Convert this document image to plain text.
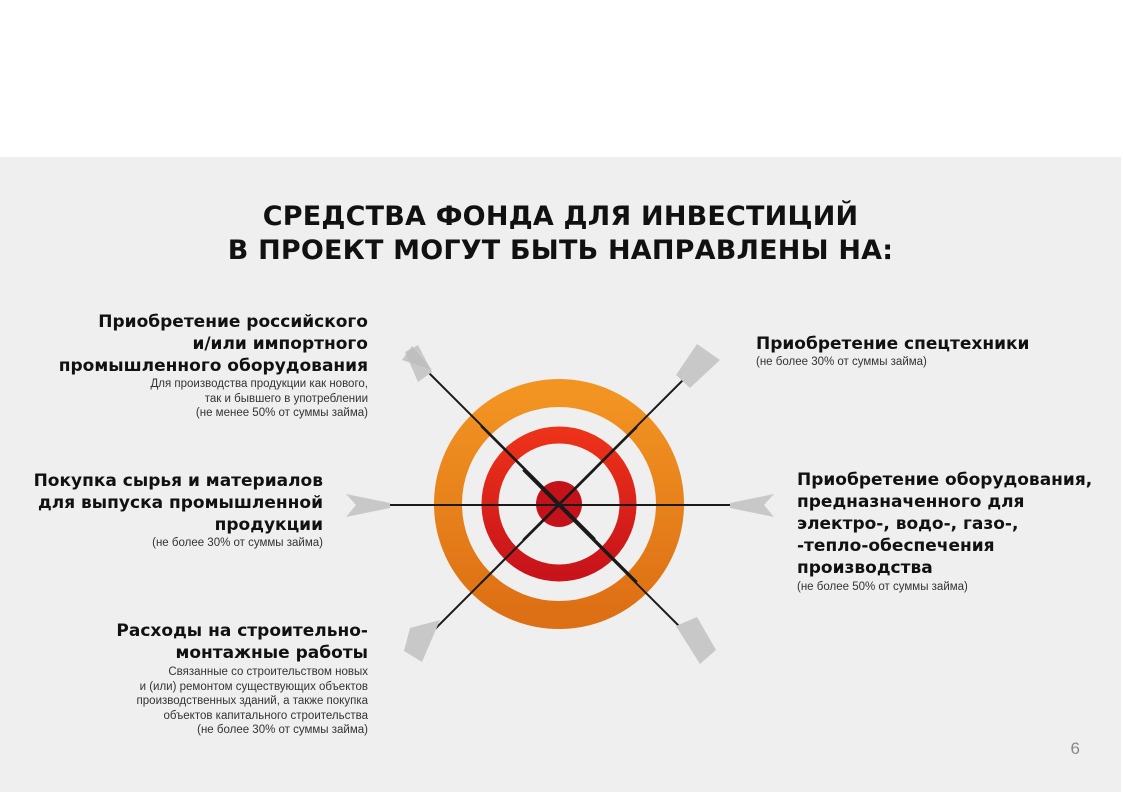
СРЕДСТВА ФОНДА ДЛЯ ИНВЕСТИЦИЙ
В ПРОЕКТ МОГУТ БЫТЬ НАПРАВЛЕНЫ НА:
Приобретение российского
и/или импортного
промышленного оборудования
Для производства продукции как нового,
так и бывшего в употреблении
(не менее 50% от суммы займа)
Покупка сырья и материалов
для выпуска промышленной
продукции
(не более 30% от суммы займа)
Расходы на строительно-
монтажные работы
Связанные со строительством новых
и (или) ремонтом существующих объектов
производственных зданий, а также покупка
объектов капитального строительства
(не более 30% от суммы займа)
Приобретение спецтехники
(не более 30% от суммы займа)
Приобретение оборудования,
предназначенного для
электро-, водо-, газо-,
-тепло-обеспечения
производства
(не более 50% от суммы займа)
6
